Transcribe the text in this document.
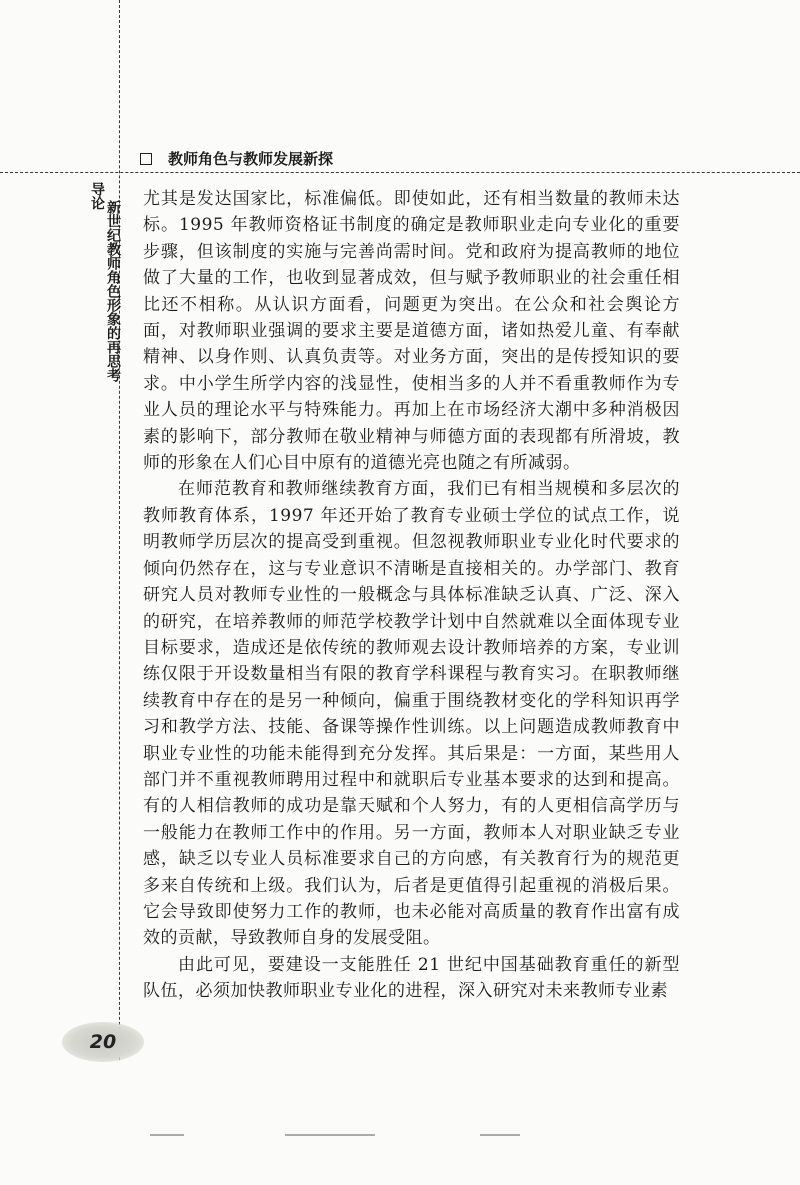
教师角色与教师发展新探
导论
新世纪教师角色形象的再思考

尤其是发达国家比，标准偏低。即使如此，还有相当数量的教师未达标。1995 年教师资格证书制度的确定是教师职业走向专业化的重要步骤，但该制度的实施与完善尚需时间。党和政府为提高教师的地位做了大量的工作，也收到显著成效，但与赋予教师职业的社会重任相比还不相称。从认识方面看，问题更为突出。在公众和社会舆论方面，对教师职业强调的要求主要是道德方面，诸如热爱儿童、有奉献精神、以身作则、认真负责等。对业务方面，突出的是传授知识的要求。中小学生所学内容的浅显性，使相当多的人并不看重教师作为专业人员的理论水平与特殊能力。再加上在市场经济大潮中多种消极因素的影响下，部分教师在敬业精神与师德方面的表现都有所滑坡，教师的形象在人们心目中原有的道德光亮也随之有所减弱。

在师范教育和教师继续教育方面，我们已有相当规模和多层次的教师教育体系，1997 年还开始了教育专业硕士学位的试点工作，说明教师学历层次的提高受到重视。但忽视教师职业专业化时代要求的倾向仍然存在，这与专业意识不清晰是直接相关的。办学部门、教育研究人员对教师专业性的一般概念与具体标准缺乏认真、广泛、深入的研究，在培养教师的师范学校教学计划中自然就难以全面体现专业目标要求，造成还是依传统的教师观去设计教师培养的方案，专业训练仅限于开设数量相当有限的教育学科课程与教育实习。在职教师继续教育中存在的是另一种倾向，偏重于围绕教材变化的学科知识再学习和教学方法、技能、备课等操作性训练。以上问题造成教师教育中职业专业性的功能未能得到充分发挥。其后果是：一方面，某些用人部门并不重视教师聘用过程中和就职后专业基本要求的达到和提高。有的人相信教师的成功是靠天赋和个人努力，有的人更相信高学历与一般能力在教师工作中的作用。另一方面，教师本人对职业缺乏专业感，缺乏以专业人员标准要求自己的方向感，有关教育行为的规范更多来自传统和上级。我们认为，后者是更值得引起重视的消极后果。它会导致即使努力工作的教师，也未必能对高质量的教育作出富有成效的贡献，导致教师自身的发展受阻。

由此可见，要建设一支能胜任 21 世纪中国基础教育重任的新型队伍，必须加快教师职业专业化的进程，深入研究对未来教师专业素

20
